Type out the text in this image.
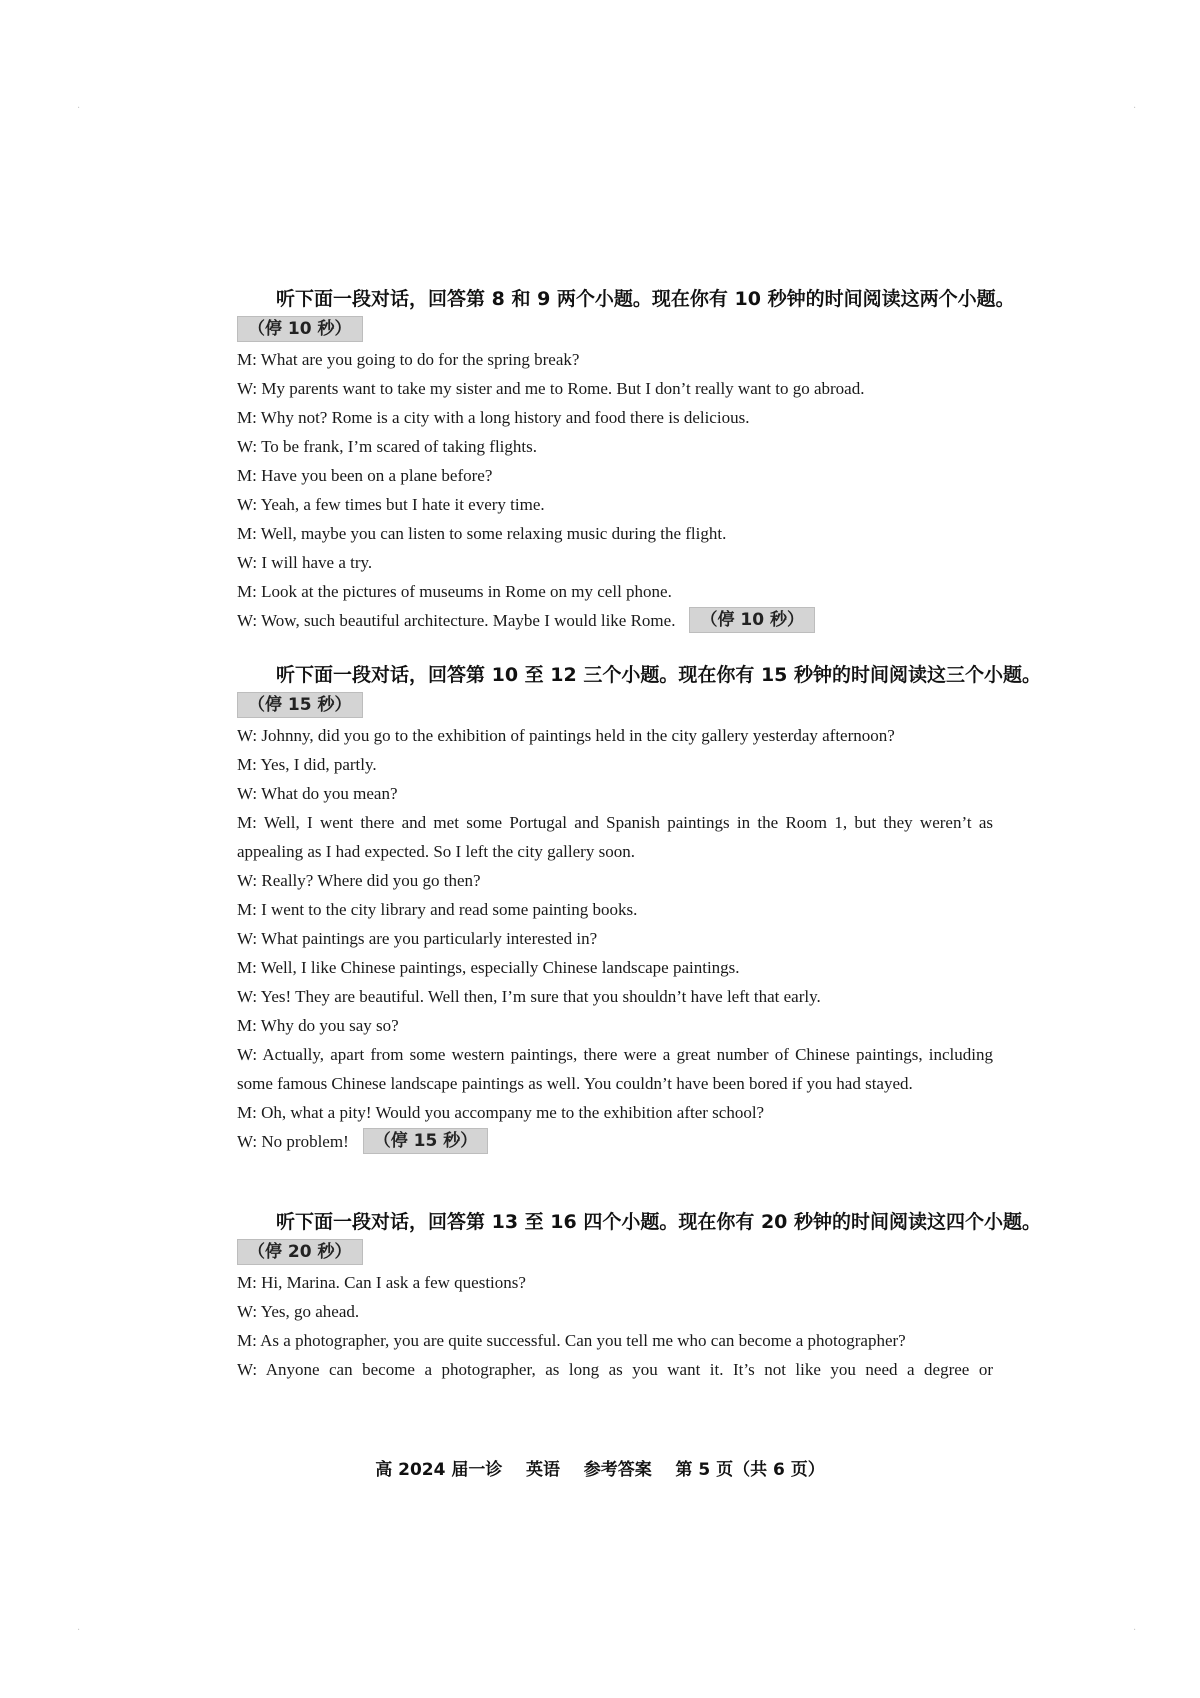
·	·
·	·
听下面一段对话，回答第 8 和 9 两个小题。现在你有 10 秒钟的时间阅读这两个小题。
（停 10 秒）
M: What are you going to do for the spring break?
W: My parents want to take my sister and me to Rome. But I don’t really want to go abroad.
M: Why not? Rome is a city with a long history and food there is delicious.
W: To be frank, I’m scared of taking flights.
M: Have you been on a plane before?
W: Yeah, a few times but I hate it every time.
M: Well, maybe you can listen to some relaxing music during the flight.
W: I will have a try.
M: Look at the pictures of museums in Rome on my cell phone.
W: Wow, such beautiful architecture. Maybe I would like Rome. （停 10 秒）
听下面一段对话，回答第 10 至 12 三个小题。现在你有 15 秒钟的时间阅读这三个小题。
（停 15 秒）
W: Johnny, did you go to the exhibition of paintings held in the city gallery yesterday afternoon?
M: Yes, I did, partly.
W: What do you mean?
M: Well, I went there and met some Portugal and Spanish paintings in the Room 1, but they weren’t as appealing as I had expected. So I left the city gallery soon.
W: Really? Where did you go then?
M: I went to the city library and read some painting books.
W: What paintings are you particularly interested in?
M: Well, I like Chinese paintings, especially Chinese landscape paintings.
W: Yes! They are beautiful. Well then, I’m sure that you shouldn’t have left that early.
M: Why do you say so?
W: Actually, apart from some western paintings, there were a great number of Chinese paintings, including some famous Chinese landscape paintings as well. You couldn’t have been bored if you had stayed.
M: Oh, what a pity! Would you accompany me to the exhibition after school?
W: No problem! （停 15 秒）
听下面一段对话，回答第 13 至 16 四个小题。现在你有 20 秒钟的时间阅读这四个小题。
（停 20 秒）
M: Hi, Marina. Can I ask a few questions?
W: Yes, go ahead.
M: As a photographer, you are quite successful. Can you tell me who can become a photographer?
W: Anyone can become a photographer, as long as you want it. It’s not like you need a degree or
高 2024 届一诊    英语    参考答案    第 5 页（共 6 页）
